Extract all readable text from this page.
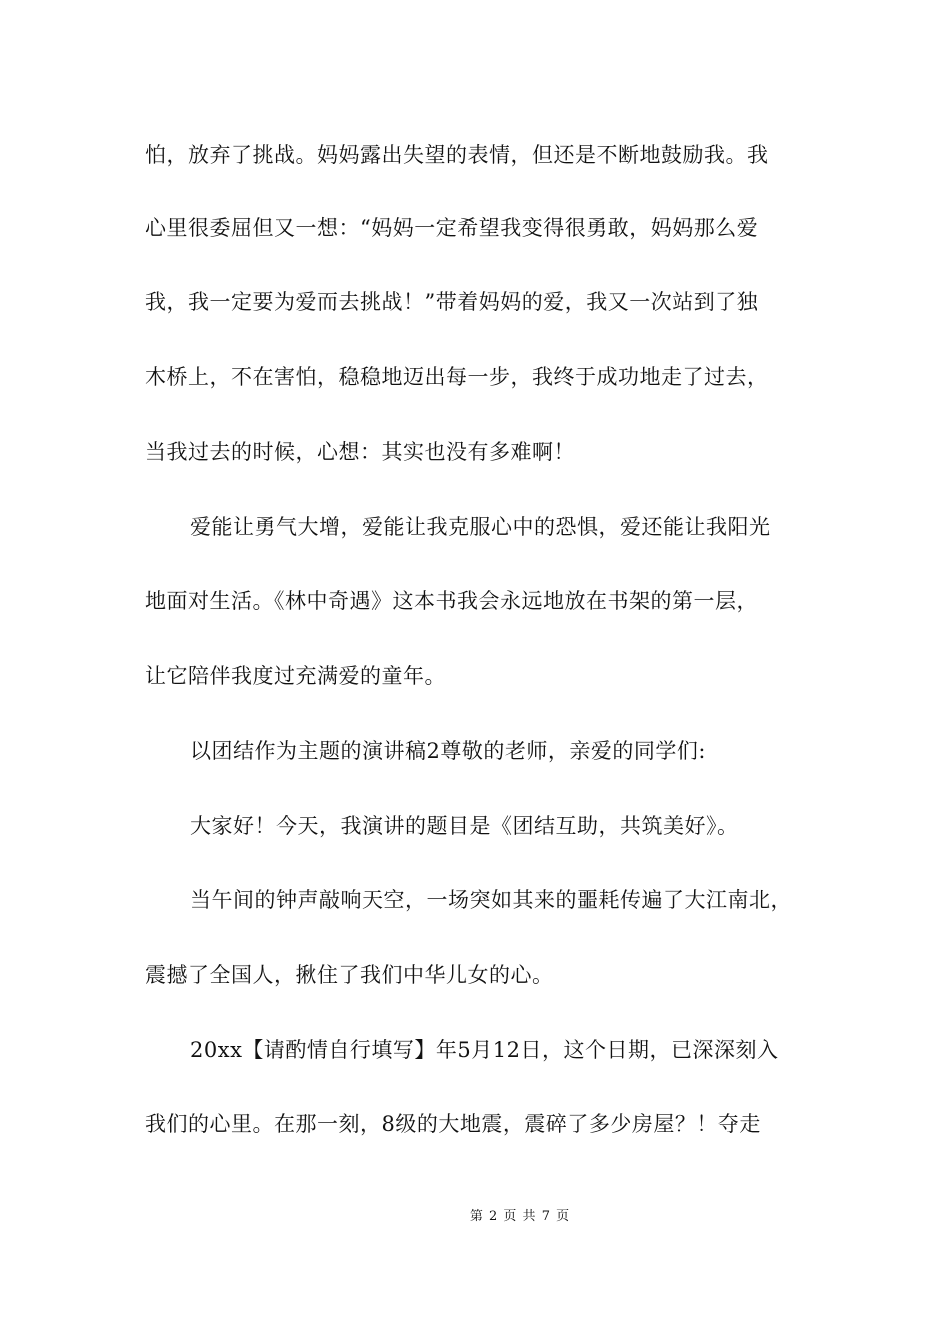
怕，放弃了挑战。妈妈露出失望的表情，但还是不断地鼓励我。我
心里很委屈但又一想：“妈妈一定希望我变得很勇敢，妈妈那么爱
我，我一定要为爱而去挑战！”带着妈妈的爱，我又一次站到了独
木桥上，不在害怕，稳稳地迈出每一步，我终于成功地走了过去，
当我过去的时候，心想：其实也没有多难啊！
爱能让勇气大增，爱能让我克服心中的恐惧，爱还能让我阳光
地面对生活。《林中奇遇》这本书我会永远地放在书架的第一层，
让它陪伴我度过充满爱的童年。
以团结作为主题的演讲稿2尊敬的老师，亲爱的同学们:
大家好！今天，我演讲的题目是《团结互助，共筑美好》。
当午间的钟声敲响天空，一场突如其来的噩耗传遍了大江南北，
震撼了全国人，揪住了我们中华儿女的心。
20xx【请酌情自行填写】年5月12日，这个日期，已深深刻入
我们的心里。在那一刻，8级的大地震，震碎了多少房屋？！夺走
第 2 页 共 7 页
